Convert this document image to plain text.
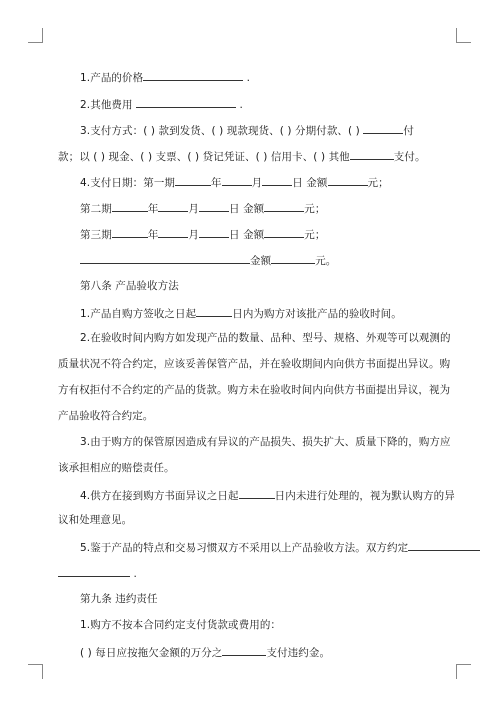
1.产品的价格	.
2.其他费用	.
3.支付方式：( ) 款到发货、( ) 现款现货、( ) 分期付款、( )	付
款；以 ( ) 现金、( ) 支票、( ) 贷记凭证、( ) 信用卡、( ) 其他	支付。
4.支付日期：第一期	年	月	日 金额	元；
第二期	年	月	日 金额	元；
第三期	年	月	日 金额	元；
金额	元。
第八条 产品验收方法
1.产品自购方签收之日起	日内为购方对该批产品的验收时间。
2.在验收时间内购方如发现产品的数量、品种、型号、规格、外观等可以观测的
质量状况不符合约定，应该妥善保管产品，并在验收期间内向供方书面提出异议。购
方有权拒付不合约定的产品的货款。购方未在验收时间内向供方书面提出异议，视为
产品验收符合约定。
3.由于购方的保管原因造成有异议的产品损失、损失扩大、质量下降的，购方应
该承担相应的赔偿责任。
4.供方在接到购方书面异议之日起	日内未进行处理的，视为默认购方的异
议和处理意见。
5.鉴于产品的特点和交易习惯双方不采用以上产品验收方法。双方约定
.
第九条 违约责任
1.购方不按本合同约定支付货款或费用的：
( ) 每日应按拖欠金额的万分之	支付违约金。
